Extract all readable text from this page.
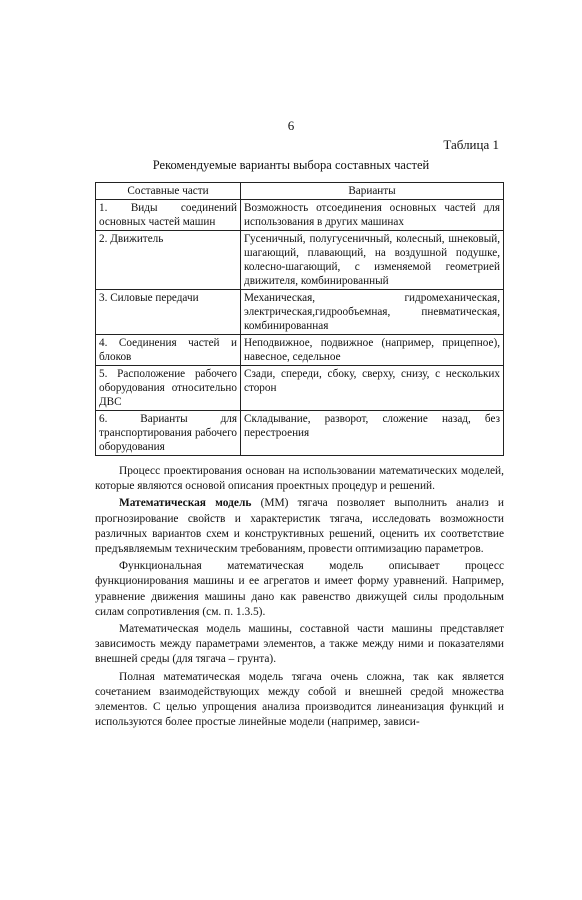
6
Таблица 1
Рекомендуемые варианты выбора составных частей
Составные части	Варианты
1. Виды соединений основных частей машин	Возможность отсоединения основных частей для использования в других машинах
2. Движитель	Гусеничный, полугусеничный, колесный, шнековый, шагающий, плавающий, на воздушной подушке, колесно-шагающий, с изменяемой геометрией движителя, комбинированный
3. Силовые передачи	Механическая, гидромеханическая, электрическая,гидрообъемная, пневматическая, комбинированная
4. Соединения частей и блоков	Неподвижное, подвижное (например, прицепное), навесное, седельное
5. Расположение рабочего оборудования относительно ДВС	Сзади, спереди, сбоку, сверху, снизу, с нескольких сторон
6. Варианты для транспортирования рабочего оборудования	Складывание, разворот, сложение назад, без перестроения

Процесс проектирования основан на использовании математических моделей, которые являются основой описания проектных процедур и решений.

Математическая модель (ММ) тягача позволяет выполнить анализ и прогнозирование свойств и характеристик тягача, исследовать возможности различных вариантов схем и конструктивных решений, оценить их соответствие предъявляемым техническим требованиям, провести оптимизацию параметров.

Функциональная математическая модель описывает процесс функционирования машины и ее агрегатов и имеет форму уравнений. Например, уравнение движения машины дано как равенство движущей силы продольным силам сопротивления (см. п. 1.3.5).

Математическая модель машины, составной части машины представляет зависимость между параметрами элементов, а также между ними и показателями внешней среды (для тягача – грунта).

Полная математическая модель тягача очень сложна, так как является сочетанием взаимодействующих между собой и внешней средой множества элементов. С целью упрощения анализа производится линеанизация функций и используются более простые линейные модели (например, зависи-
